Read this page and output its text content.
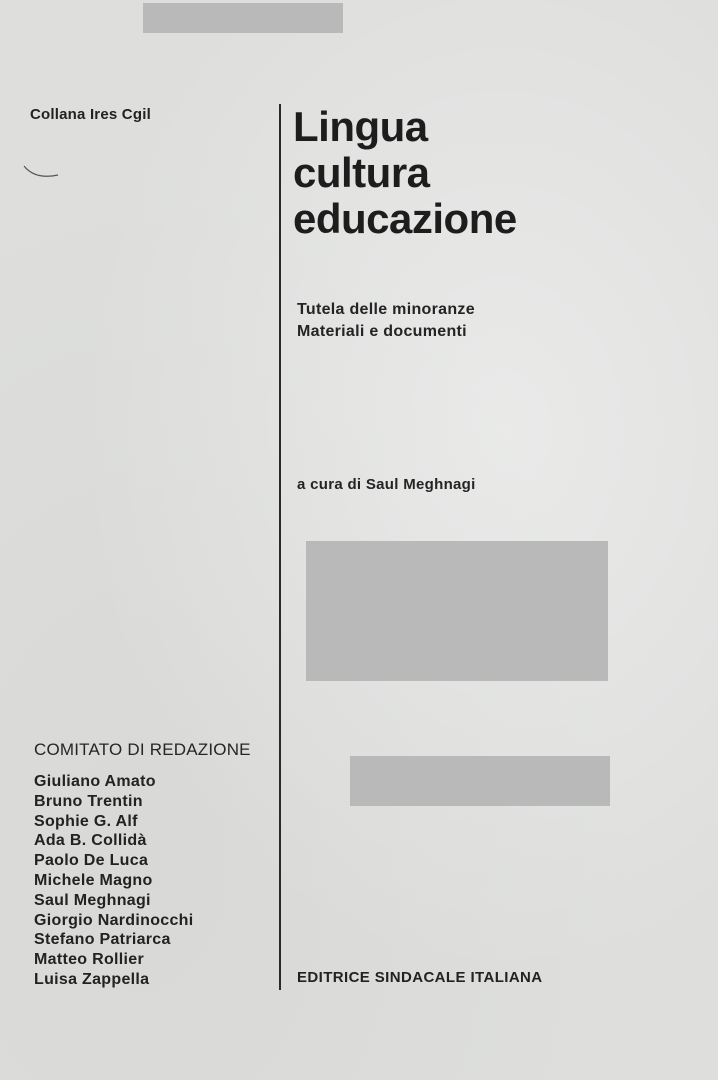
Collana Ires Cgil	Lingua
cultura
educazione
Tutela delle minoranze
Materiali e documenti
a cura di Saul Meghnagi
COMITATO DI REDAZIONE
Giuliano Amato
Bruno Trentin
Sophie G. Alf
Ada B. Collidà
Paolo De Luca
Michele Magno
Saul Meghnagi
Giorgio Nardinocchi
Stefano Patriarca
Matteo Rollier
Luisa Zappella	EDITRICE SINDACALE ITALIANA
